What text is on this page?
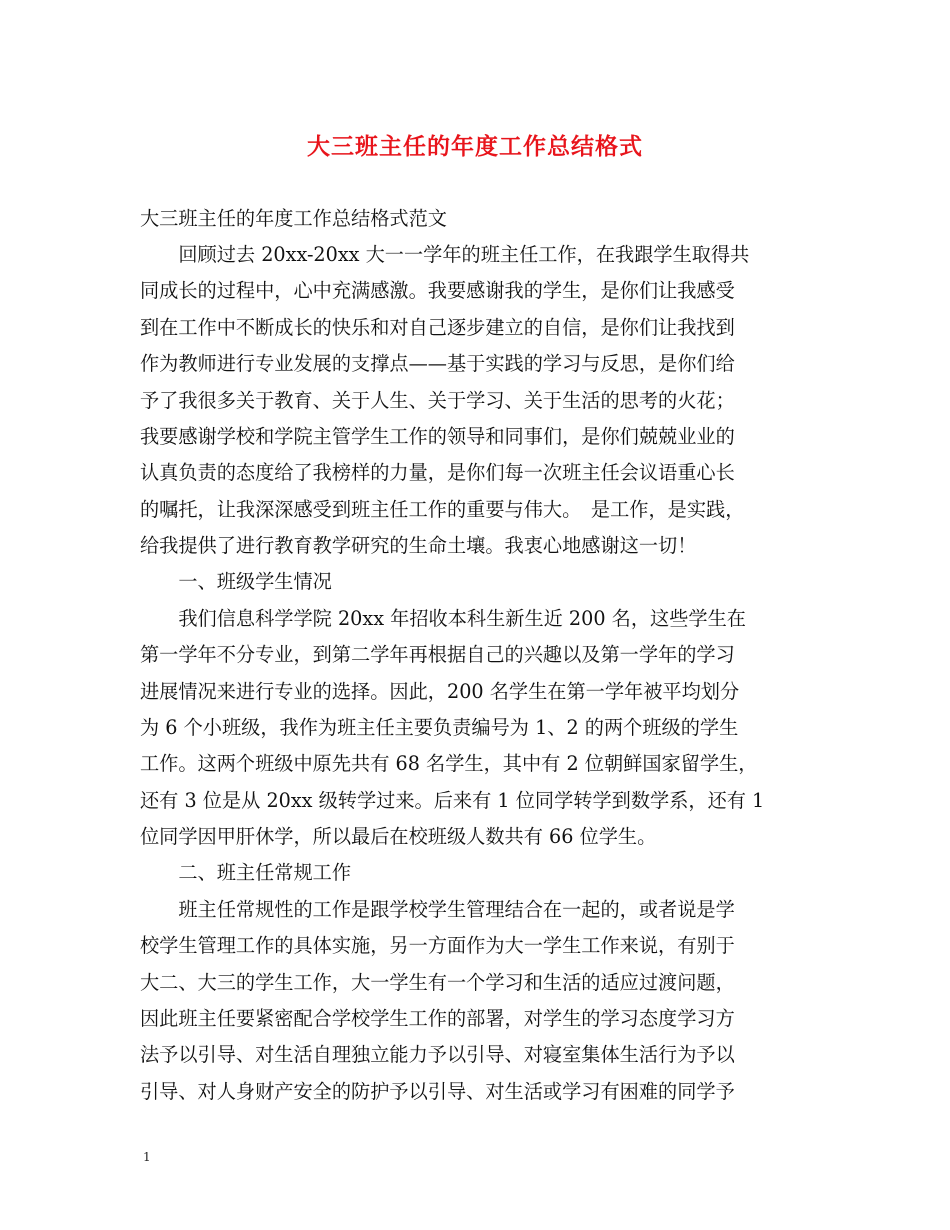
大三班主任的年度工作总结格式
大三班主任的年度工作总结格式范文
　　回顾过去 20xx-20xx 大一一学年的班主任工作，在我跟学生取得共
同成长的过程中，心中充满感激。我要感谢我的学生，是你们让我感受
到在工作中不断成长的快乐和对自己逐步建立的自信，是你们让我找到
作为教师进行专业发展的支撑点——基于实践的学习与反思，是你们给
予了我很多关于教育、关于人生、关于学习、关于生活的思考的火花；
我要感谢学校和学院主管学生工作的领导和同事们，是你们兢兢业业的
认真负责的态度给了我榜样的力量，是你们每一次班主任会议语重心长
的嘱托，让我深深感受到班主任工作的重要与伟大。　是工作，是实践，
给我提供了进行教育教学研究的生命土壤。我衷心地感谢这一切！
　　一、班级学生情况
　　我们信息科学学院 20xx 年招收本科生新生近 200 名，这些学生在
第一学年不分专业，到第二学年再根据自己的兴趣以及第一学年的学习
进展情况来进行专业的选择。因此，200 名学生在第一学年被平均划分
为 6 个小班级，我作为班主任主要负责编号为 1、2 的两个班级的学生
工作。这两个班级中原先共有 68 名学生，其中有 2 位朝鲜国家留学生，
还有 3 位是从 20xx 级转学过来。后来有 1 位同学转学到数学系，还有 1
位同学因甲肝休学，所以最后在校班级人数共有 66 位学生。
　　二、班主任常规工作
　　班主任常规性的工作是跟学校学生管理结合在一起的，或者说是学
校学生管理工作的具体实施，另一方面作为大一学生工作来说，有别于
大二、大三的学生工作，大一学生有一个学习和生活的适应过渡问题，
因此班主任要紧密配合学校学生工作的部署，对学生的学习态度学习方
法予以引导、对生活自理独立能力予以引导、对寝室集体生活行为予以
引导、对人身财产安全的防护予以引导、对生活或学习有困难的同学予
1
